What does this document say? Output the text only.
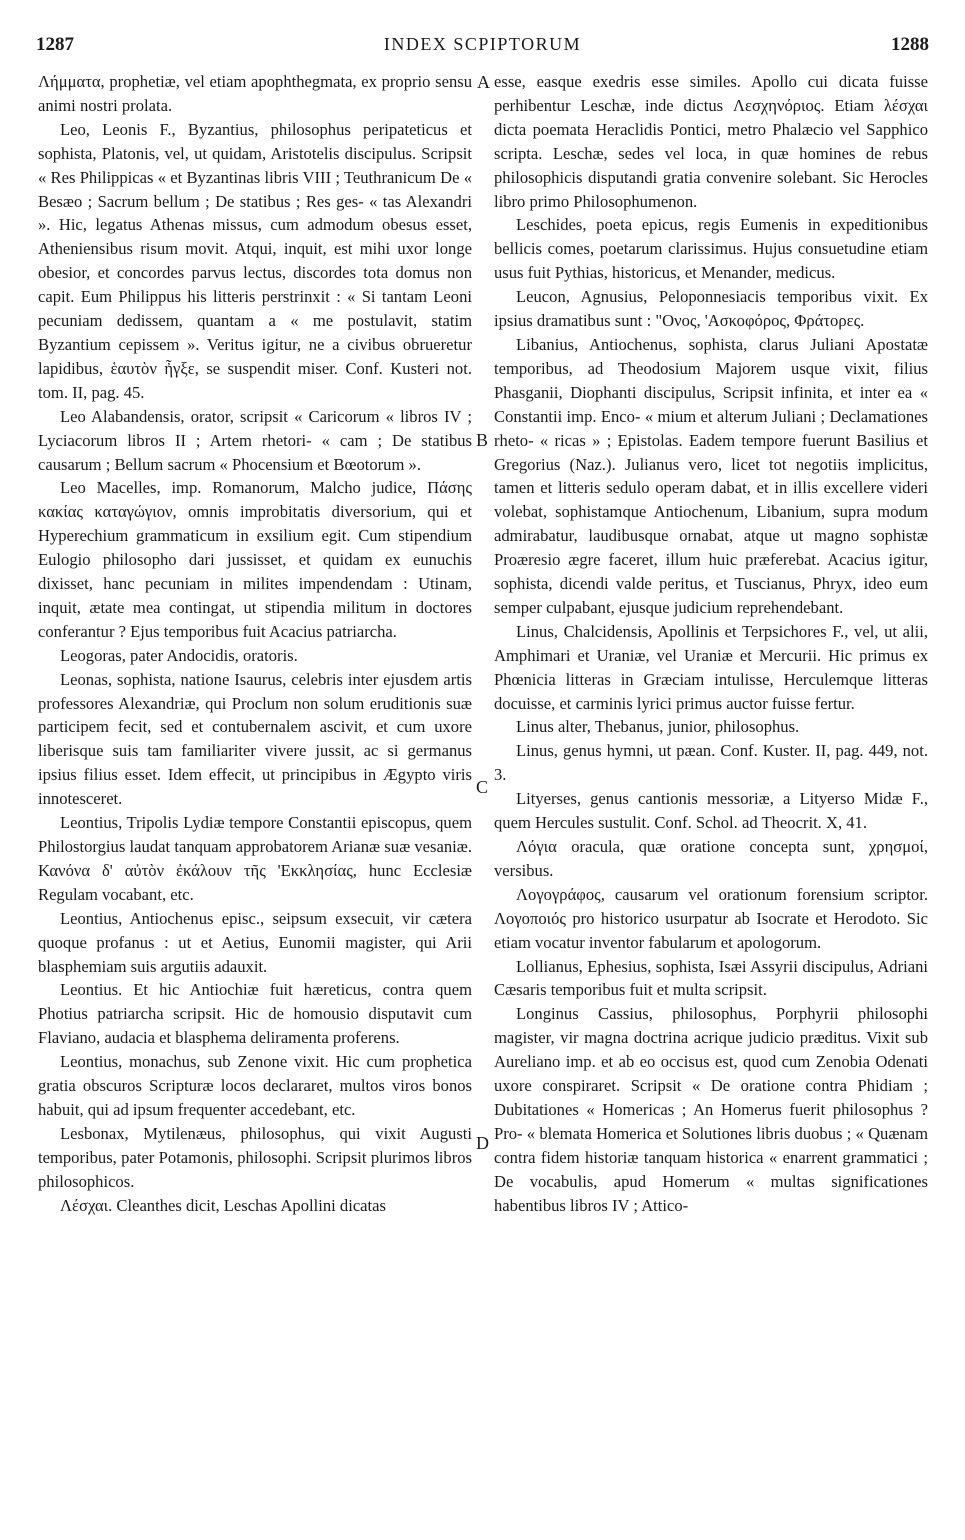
1287	INDEX SCPIPTORUM	1288

Λήμματα, prophetiæ, vel etiam apophthegmata, ex proprio sensu animi nostri prolata.

Leo, Leonis F., Byzantius, philosophus peripateticus et sophista, Platonis, vel, ut quidam, Aristotelis discipulus. Scripsit « Res Philippicas « et Byzantinas libris VIII ; Teuthranicum De « Besæo ; Sacrum bellum ; De statibus ; Res ges- « tas Alexandri ». Hic, legatus Athenas missus, cum admodum obesus esset, Atheniensibus risum movit. Atqui, inquit, est mihi uxor longe obesior, et concordes parvus lectus, discordes tota domus non capit. Eum Philippus his litteris perstrinxit : « Si tantam Leoni pecuniam dedissem, quantam a « me postulavit, statim Byzantium cepissem ». Veritus igitur, ne a civibus obrueretur lapidibus, ἑαυτὸν ἦγξε, se suspendit miser. Conf. Kusteri not. tom. II, pag. 45.

Leo Alabandensis, orator, scripsit « Caricorum « libros IV ; Lyciacorum libros II ; Artem rhetori- « cam ; De statibus causarum ; Bellum sacrum « Phocensium et Bœotorum ».

Leo Macelles, imp. Romanorum, Malcho judice, Πάσης κακίας καταγώγιον, omnis improbitatis diversorium, qui et Hyperechium grammaticum in exsilium egit. Cum stipendium Eulogio philosopho dari jussisset, et quidam ex eunuchis dixisset, hanc pecuniam in milites impendendam : Utinam, inquit, ætate mea contingat, ut stipendia militum in doctores conferantur ? Ejus temporibus fuit Acacius patriarcha.

Leogoras, pater Andocidis, oratoris.

Leonas, sophista, natione Isaurus, celebris inter ejusdem artis professores Alexandriæ, qui Proclum non solum eruditionis suæ participem fecit, sed et contubernalem ascivit, et cum uxore liberisque suis tam familiariter vivere jussit, ac si germanus ipsius filius esset. Idem effecit, ut principibus in Ægypto viris innotesceret.

Leontius, Tripolis Lydiæ tempore Constantii episcopus, quem Philostorgius laudat tanquam approbatorem Arianæ suæ vesaniæ. Κανόνα δ' αὐτὸν ἐκάλουν τῆς 'Εκκλησίας, hunc Ecclesiæ Regulam vocabant, etc.

Leontius, Antiochenus episc., seipsum exsecuit, vir cætera quoque profanus : ut et Aetius, Eunomii magister, qui Arii blasphemiam suis argutiis adauxit.

Leontius. Et hic Antiochiæ fuit hæreticus, contra quem Photius patriarcha scripsit. Hic de homousio disputavit cum Flaviano, audacia et blasphema deliramenta proferens.

Leontius, monachus, sub Zenone vixit. Hic cum prophetica gratia obscuros Scripturæ locos declararet, multos viros bonos habuit, qui ad ipsum frequenter accedebant, etc.

Lesbonax, Mytilenæus, philosophus, qui vixit Augusti temporibus, pater Potamonis, philosophi. Scripsit plurimos libros philosophicos.

Λέσχαι. Cleanthes dicit, Leschas Apollini dicatas

esse, easque exedris esse similes. Apollo cui dicata fuisse perhibentur Leschæ, inde dictus Λεσχηνόριος. Etiam λέσχαι dicta poemata Heraclidis Pontici, metro Phalæcio vel Sapphico scripta. Leschæ, sedes vel loca, in quæ homines de rebus philosophicis disputandi gratia convenire solebant. Sic Herocles libro primo Philosophumenon.

Leschides, poeta epicus, regis Eumenis in expeditionibus bellicis comes, poetarum clarissimus. Hujus consuetudine etiam usus fuit Pythias, historicus, et Menander, medicus.

Leucon, Agnusius, Peloponnesiacis temporibus vixit. Ex ipsius dramatibus sunt : "Ονος, 'Ασκοφόρος, Φράτορες.

Libanius, Antiochenus, sophista, clarus Juliani Apostatæ temporibus, ad Theodosium Majorem usque vixit, filius Phasganii, Diophanti discipulus, Scripsit infinita, et inter ea « Constantii imp. Enco- « mium et alterum Juliani ; Declamationes rheto- « ricas » ; Epistolas. Eadem tempore fuerunt Basilius et Gregorius (Naz.). Julianus vero, licet tot negotiis implicitus, tamen et litteris sedulo operam dabat, et in illis excellere videri volebat, sophistamque Antiochenum, Libanium, supra modum admirabatur, laudibusque ornabat, atque ut magno sophistæ Proæresio ægre faceret, illum huic præferebat. Acacius igitur, sophista, dicendi valde peritus, et Tuscianus, Phryx, ideo eum semper culpabant, ejusque judicium reprehendebant.

Linus, Chalcidensis, Apollinis et Terpsichores F., vel, ut alii, Amphimari et Uraniæ, vel Uraniæ et Mercurii. Hic primus ex Phœnicia litteras in Græciam intulisse, Herculemque litteras docuisse, et carminis lyrici primus auctor fuisse fertur.

Linus alter, Thebanus, junior, philosophus.

Linus, genus hymni, ut pæan. Conf. Kuster. II, pag. 449, not. 3.

Lityerses, genus cantionis messoriæ, a Lityerso Midæ F., quem Hercules sustulit. Conf. Schol. ad Theocrit. X, 41.

Λόγια oracula, quæ oratione concepta sunt, χρησμοί, versibus.

Λογογράφος, causarum vel orationum forensium scriptor. Λογοποιός pro historico usurpatur ab Isocrate et Herodoto. Sic etiam vocatur inventor fabularum et apologorum.

Lollianus, Ephesius, sophista, Isæi Assyrii discipulus, Adriani Cæsaris temporibus fuit et multa scripsit.

Longinus Cassius, philosophus, Porphyrii philosophi magister, vir magna doctrina acrique judicio præditus. Vixit sub Aureliano imp. et ab eo occisus est, quod cum Zenobia Odenati uxore conspiraret. Scripsit « De oratione contra Phidiam ; Dubitationes « Homericas ; An Homerus fuerit philosophus ? Pro- « blemata Homerica et Solutiones libris duobus ; « Quænam contra fidem historiæ tanquam historica « enarrent grammatici ; De vocabulis, apud Homerum « multas significationes habentibus libros IV ; Attico-

A
B
C
D
